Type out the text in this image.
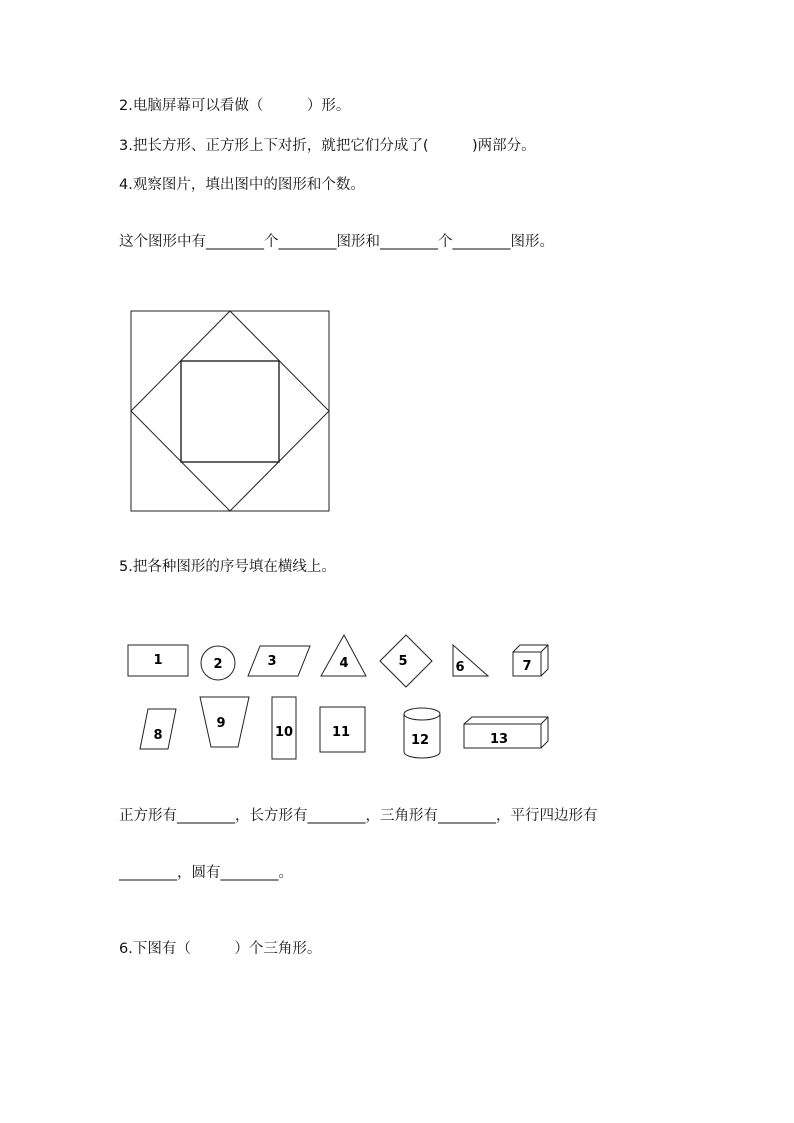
2.电脑屏幕可以看做（　　　）形。
3.把长方形、正方形上下对折，就把它们分成了(　　　)两部分。
4.观察图片，填出图中的图形和个数。
这个图形中有________个________图形和________个________图形。
5.把各种图形的序号填在横线上。
1	2	3	4	5	6	7
8
9
10	11
12	13
正方形有________，长方形有________，三角形有________，平行四边形有
________，圆有________。
6.下图有（　　　）个三角形。
